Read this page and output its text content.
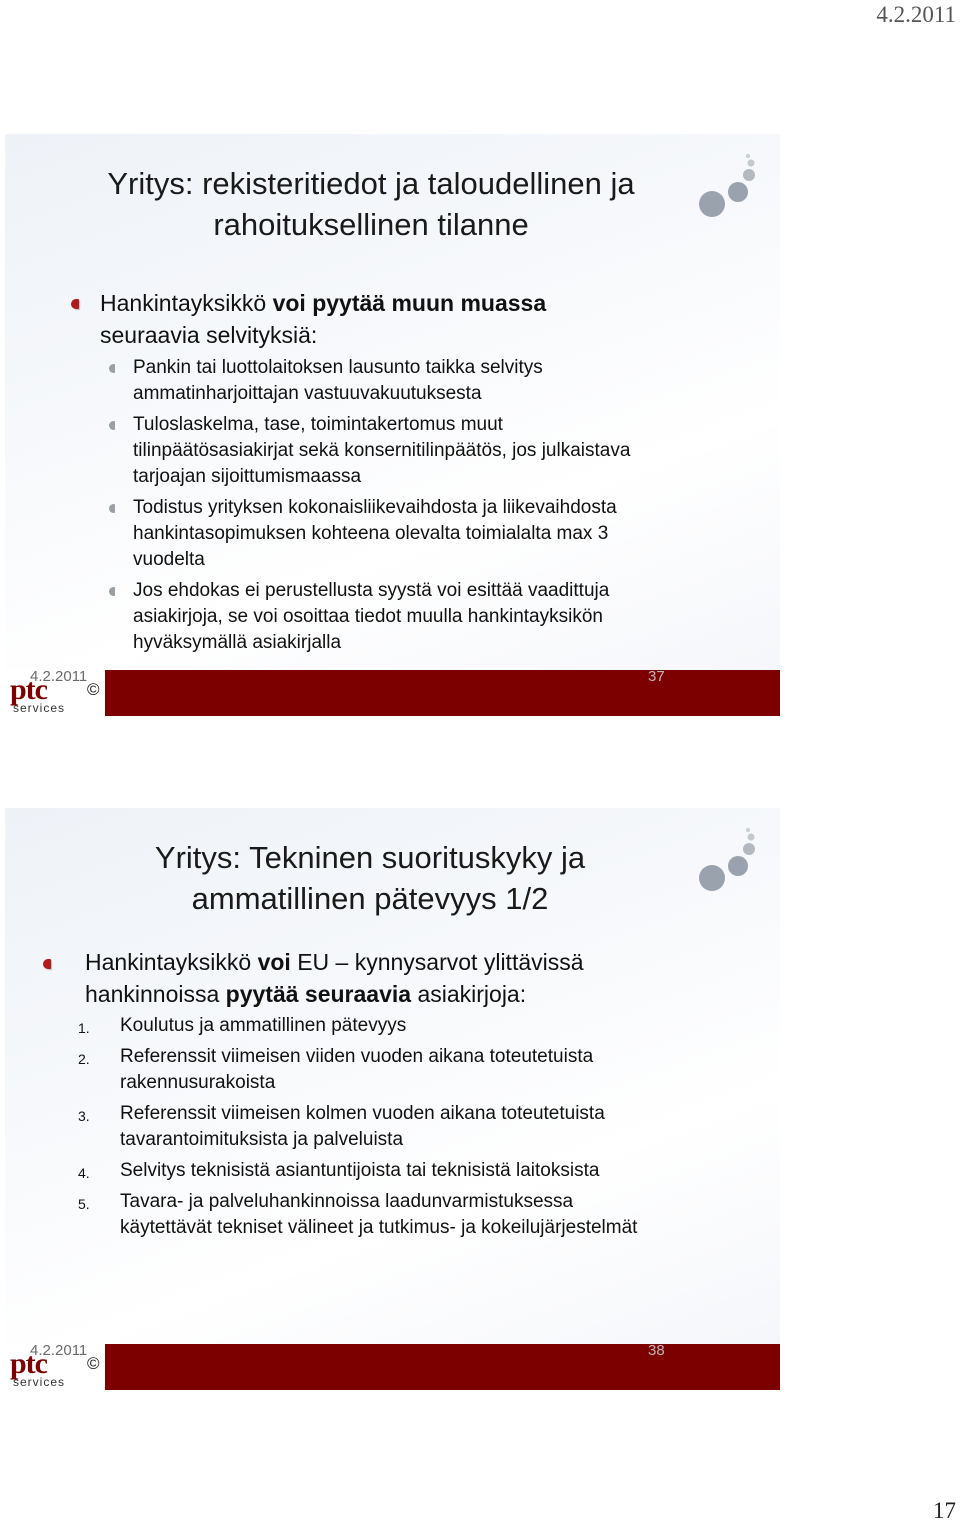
4.2.2011
Yritys: rekisteritiedot ja taloudellinen ja
rahoituksellinen tilanne
Hankintayksikkö voi pyytää muun muassa
seuraavia selvityksiä:
Pankin tai luottolaitoksen lausunto taikka selvitys
ammatinharjoittajan vastuuvakuutuksesta
Tuloslaskelma, tase, toimintakertomus muut
tilinpäätösasiakirjat sekä konsernitilinpäätös, jos julkaistava
tarjoajan sijoittumismaassa
Todistus yrityksen kokonaisliikevaihdosta ja liikevaihdosta
hankintasopimuksen kohteena olevalta toimialalta max 3
vuodelta
Jos ehdokas ei perustellusta syystä voi esittää vaadittuja
asiakirjoja, se voi osoittaa tiedot muulla hankintayksikön
hyväksymällä asiakirjalla
ptc
services
4.2.2011
©
37
Yritys: Tekninen suorituskyky ja
ammatillinen pätevyys 1/2
Hankintayksikkö voi EU – kynnysarvot ylittävissä
hankinnoissa pyytää seuraavia asiakirjoja:
1. Koulutus ja ammatillinen pätevyys
2. Referenssit viimeisen viiden vuoden aikana toteutetuista
rakennusurakoista
3. Referenssit viimeisen kolmen vuoden aikana toteutetuista
tavarantoimituksista ja palveluista
4. Selvitys teknisistä asiantuntijoista tai teknisistä laitoksista
5. Tavara- ja palveluhankinnoissa laadunvarmistuksessa
käytettävät tekniset välineet ja tutkimus- ja kokeilujärjestelmät
ptc
services
4.2.2011
©
38
17
